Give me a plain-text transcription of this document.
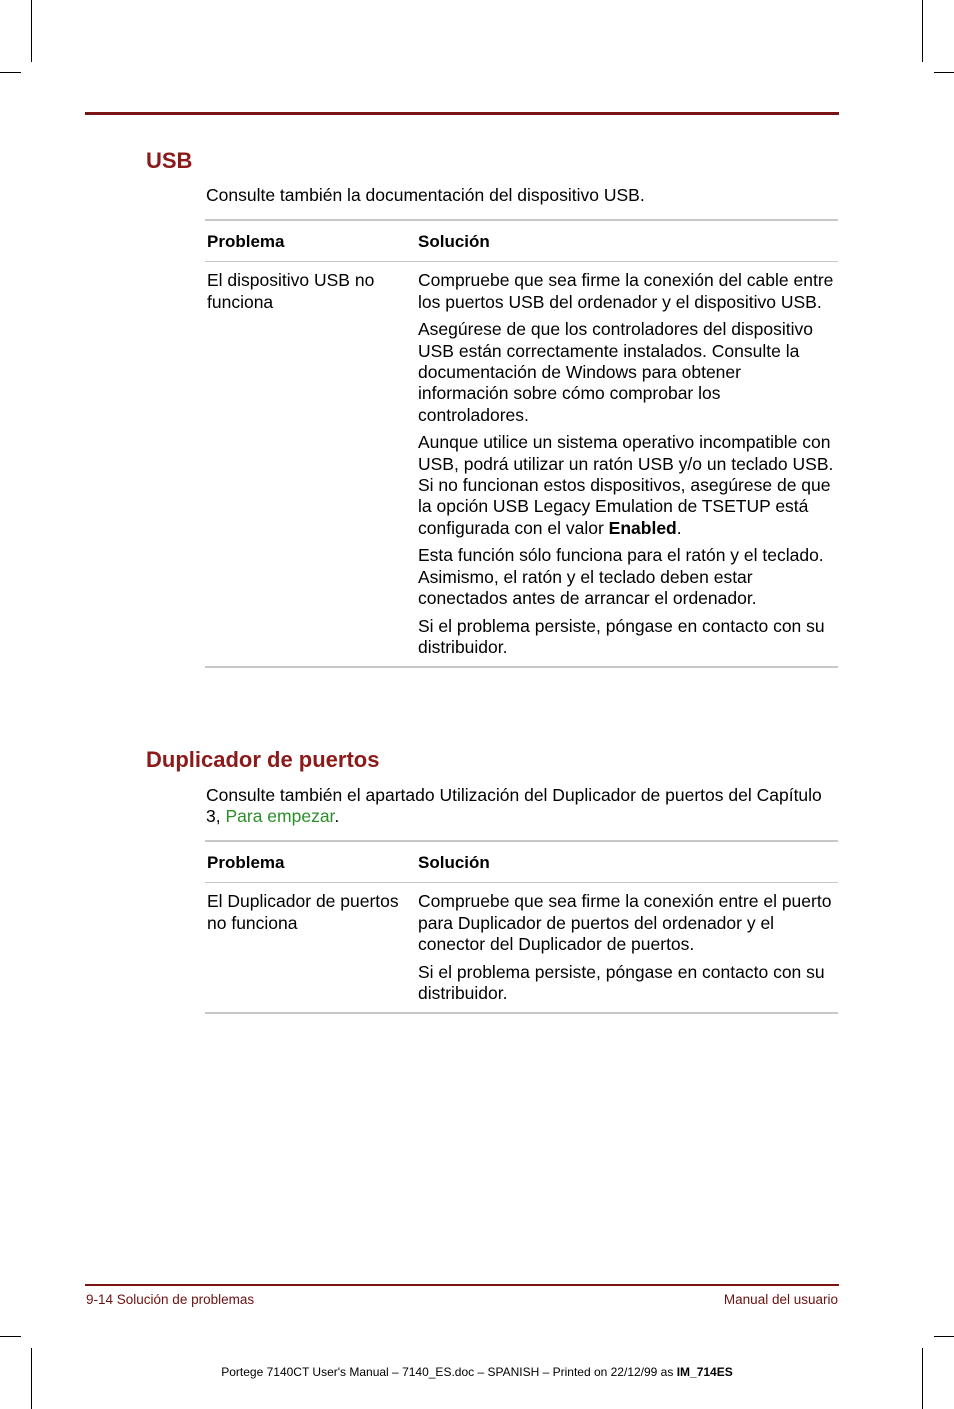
USB
Consulte también la documentación del dispositivo USB.
Problema	Solución
El dispositivo USB no funciona	Compruebe que sea firme la conexión del cable entre los puertos USB del ordenador y el dispositivo USB.

Asegúrese de que los controladores del dispositivo USB están correctamente instalados. Consulte la documentación de Windows para obtener información sobre cómo comprobar los controladores.

Aunque utilice un sistema operativo incompatible con USB, podrá utilizar un ratón USB y/o un teclado USB. Si no funcionan estos dispositivos, asegúrese de que la opción USB Legacy Emulation de TSETUP está configurada con el valor Enabled.

Esta función sólo funciona para el ratón y el teclado. Asimismo, el ratón y el teclado deben estar conectados antes de arrancar el ordenador.

Si el problema persiste, póngase en contacto con su distribuidor.

Duplicador de puertos
Consulte también el apartado Utilización del Duplicador de puertos del Capítulo 3, Para empezar.
Problema	Solución
El Duplicador de puertos no funciona	Compruebe que sea firme la conexión entre el puerto para Duplicador de puertos del ordenador y el conector del Duplicador de puertos.

Si el problema persiste, póngase en contacto con su distribuidor.

9-14 Solución de problemas	Manual del usuario
Portege 7140CT User's Manual – 7140_ES.doc – SPANISH – Printed on 22/12/99 as IM_714ES
